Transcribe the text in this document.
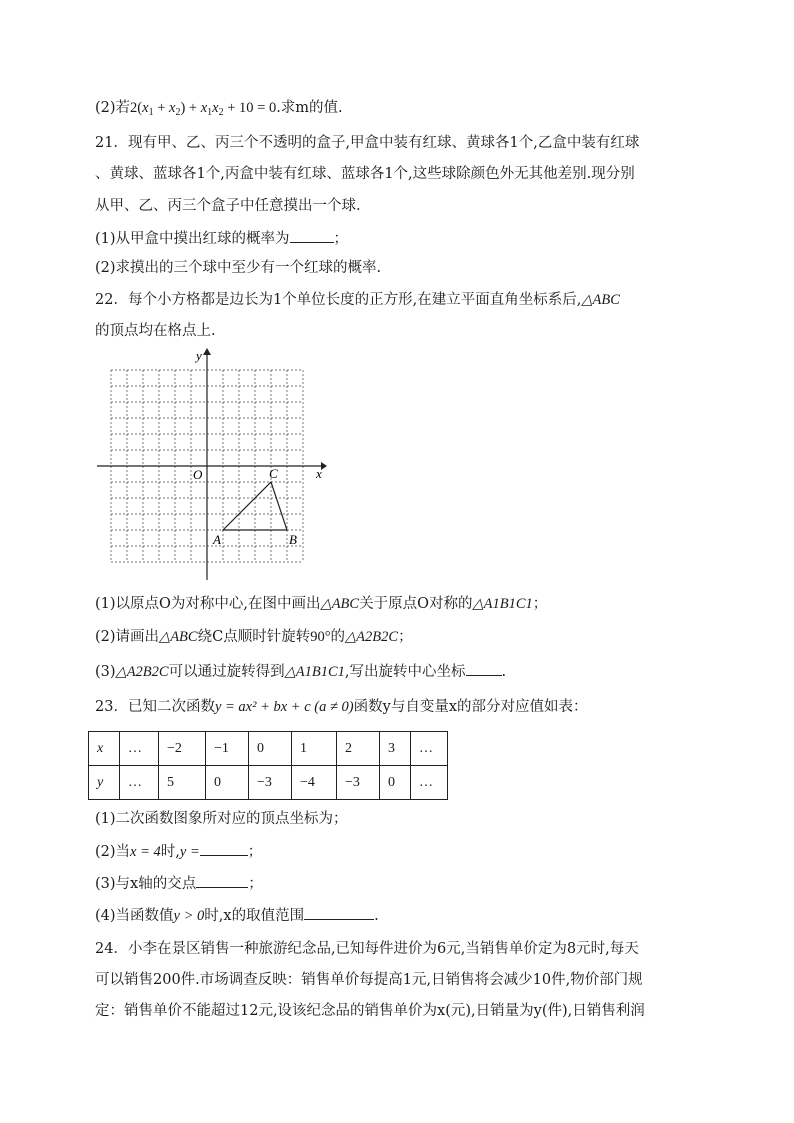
(2)若$2(x_1 + x_2) + x_1x_2 + 10 = 0$.求m的值.
21．现有甲、乙、丙三个不透明的盒子,甲盒中装有红球、黄球各1个,乙盒中装有红球
、黄球、蓝球各1个,丙盒中装有红球、蓝球各1个,这些球除颜色外无其他差别.现分别
从甲、乙、丙三个盒子中任意摸出一个球.
(1)从甲盒中摸出红球的概率为	；
(2)求摸出的三个球中至少有一个红球的概率.
22．每个小方格都是边长为1个单位长度的正方形,在建立平面直角坐标系后,△ABC
的顶点均在格点上.
x
y
O
A	B
C
(1)以原点O为对称中心,在图中画出△ABC关于原点O对称的△A1B1C1；
(2)请画出△ABC绕C点顺时针旋转90°的△A2B2C；
(3)△A2B2C可以通过旋转得到△A1B1C1,写出旋转中心坐标 .
23．已知二次函数y = ax² + bx + c (a ≠ 0)函数y与自变量x的部分对应值如表：
x	…	−2	−1	0	1	2	3	…
y	…	5	0	−3	−4	−3	0	…
(1)二次函数图象所对应的顶点坐标为；
(2)当x = 4时,y =	；
(3)与x轴的交点	；
(4)当函数值y > 0时,x的取值范围	.
24．小李在景区销售一种旅游纪念品,已知每件进价为6元,当销售单价定为8元时,每天
可以销售200件.市场调查反映：销售单价每提高1元,日销售将会减少10件,物价部门规
定：销售单价不能超过12元,设该纪念品的销售单价为x(元),日销量为y(件),日销售利润
